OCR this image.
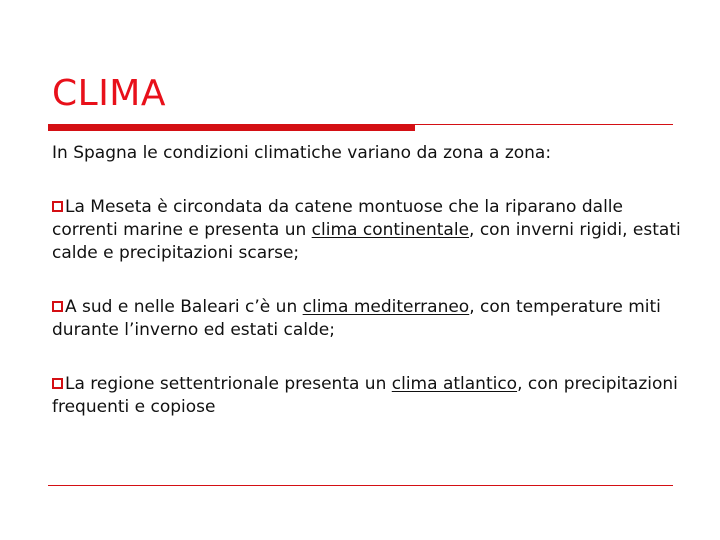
CLIMA

In Spagna le condizioni climatiche variano da zona a zona:

La Meseta è circondata da catene montuose che la riparano dalle correnti marine e presenta un clima continentale, con inverni rigidi, estati calde e precipitazioni scarse;

A sud e nelle Baleari c’è un clima mediterraneo, con temperature miti durante l’inverno ed estati calde;

La regione settentrionale presenta un clima atlantico, con precipitazioni frequenti e copiose
